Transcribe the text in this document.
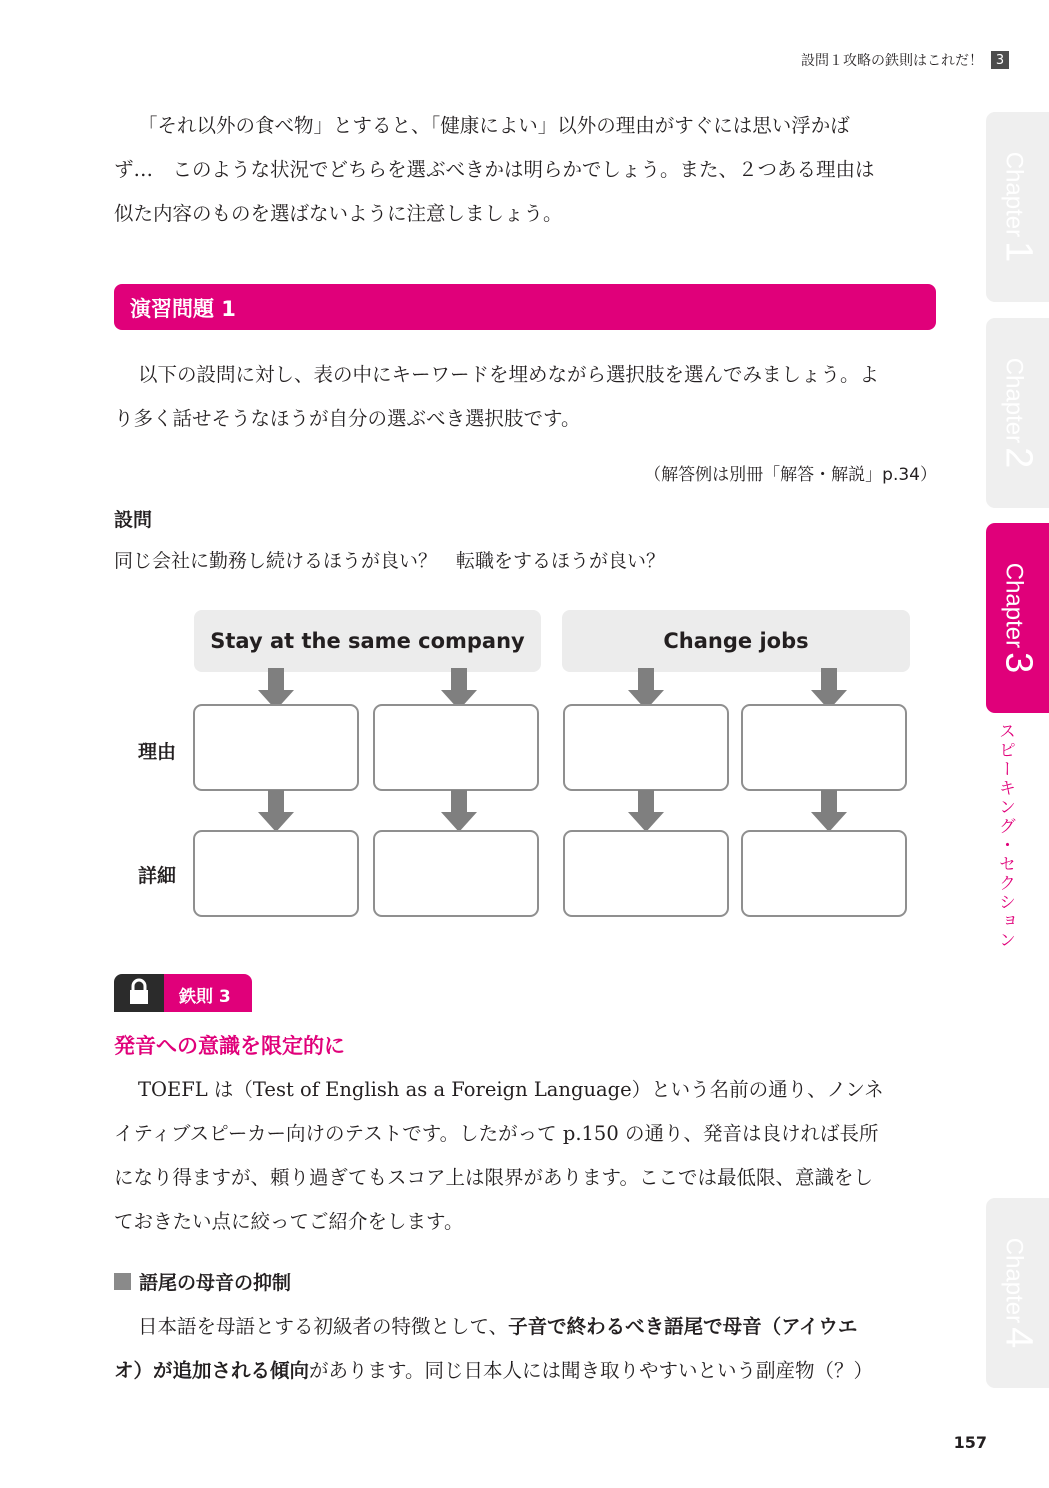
設問１攻略の鉄則はこれだ！ 3
「それ以外の食べ物」とすると、「健康によい」以外の理由がすぐには思い浮かば
ず…　このような状況でどちらを選ぶべきかは明らかでしょう。また、２つある理由は
似た内容のものを選ばないように注意しましょう。
演習問題 1
以下の設問に対し、表の中にキーワードを埋めながら選択肢を選んでみましょう。よ
り多く話せそうなほうが自分の選ぶべき選択肢です。
（解答例は別冊「解答・解説」p.34）
設問
同じ会社に勤務し続けるほうが良い？　転職をするほうが良い？
Stay at the same company	Change jobs
理由
詳細
鉄則 3
発音への意識を限定的に
TOEFL は（Test of English as a Foreign Language）という名前の通り、ノンネ
イティブスピーカー向けのテストです。したがって p.150 の通り、発音は良ければ長所
になり得ますが、頼り過ぎてもスコア上は限界があります。ここでは最低限、意識をし
ておきたい点に絞ってご紹介をします。
語尾の母音の抑制
日本語を母語とする初級者の特徴として、子音で終わるべき語尾で母音（アイウエ
オ）が追加される傾向があります。同じ日本人には聞き取りやすいという副産物（？）
Chapter1
Chapter2
Chapter3
スピーキング・セクション
Chapter4
157
